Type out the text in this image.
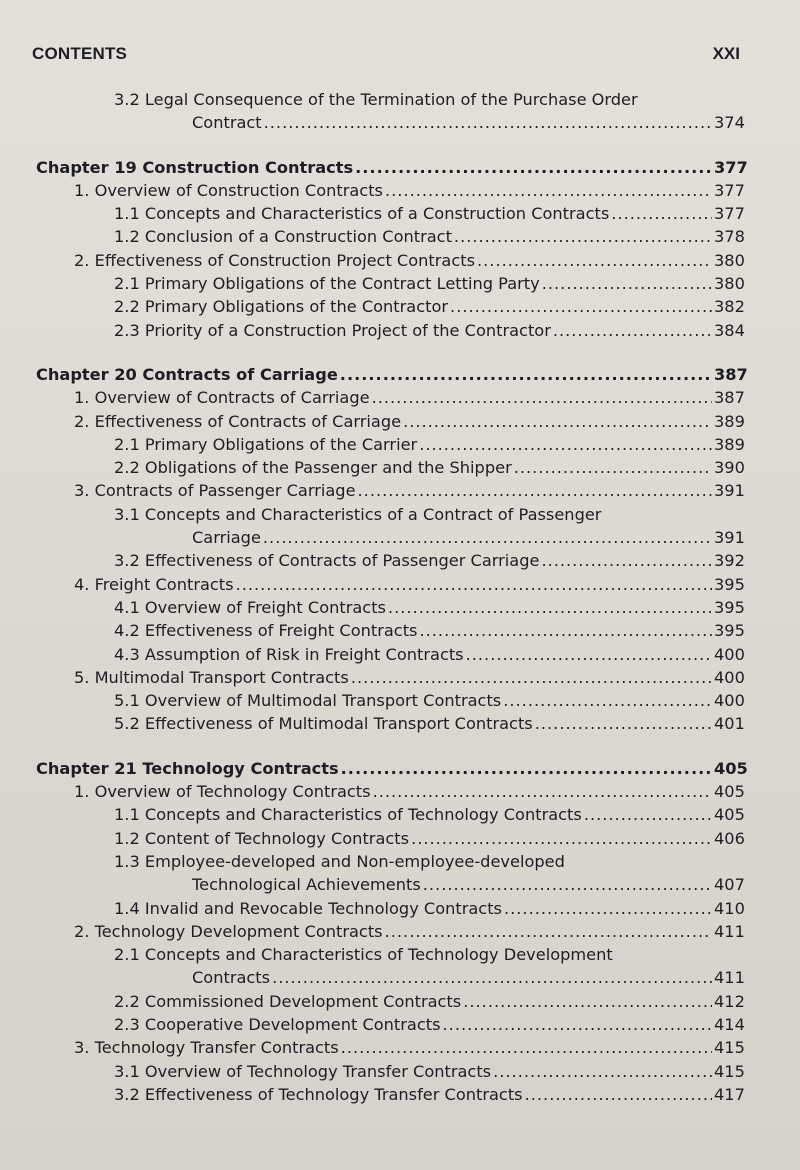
CONTENTS	XXI
3.2 Legal Consequence of the Termination of the Purchase Order
Contract .....	374
Chapter 19 Construction Contracts .....	377
1. Overview of Construction Contracts .....	377
1.1 Concepts and Characteristics of a Construction Contracts .....	377
1.2 Conclusion of a Construction Contract .....	378
2. Effectiveness of Construction Project Contracts .....	380
2.1 Primary Obligations of the Contract Letting Party .....	380
2.2 Primary Obligations of the Contractor .....	382
2.3 Priority of a Construction Project of the Contractor .....	384
Chapter 20 Contracts of Carriage .....	387
1. Overview of Contracts of Carriage .....	387
2. Effectiveness of Contracts of Carriage .....	389
2.1 Primary Obligations of the Carrier .....	389
2.2 Obligations of the Passenger and the Shipper .....	390
3. Contracts of Passenger Carriage .....	391
3.1 Concepts and Characteristics of a Contract of Passenger
Carriage .....	391
3.2 Effectiveness of Contracts of Passenger Carriage .....	392
4. Freight Contracts .....	395
4.1 Overview of Freight Contracts .....	395
4.2 Effectiveness of Freight Contracts .....	395
4.3 Assumption of Risk in Freight Contracts .....	400
5. Multimodal Transport Contracts .....	400
5.1 Overview of Multimodal Transport Contracts .....	400
5.2 Effectiveness of Multimodal Transport Contracts .....	401
Chapter 21 Technology Contracts .....	405
1. Overview of Technology Contracts .....	405
1.1 Concepts and Characteristics of Technology Contracts .....	405
1.2 Content of Technology Contracts .....	406
1.3 Employee-developed and Non-employee-developed
Technological Achievements .....	407
1.4 Invalid and Revocable Technology Contracts .....	410
2. Technology Development Contracts .....	411
2.1 Concepts and Characteristics of Technology Development
Contracts .....	411
2.2 Commissioned Development Contracts .....	412
2.3 Cooperative Development Contracts .....	414
3. Technology Transfer Contracts .....	415
3.1 Overview of Technology Transfer Contracts .....	415
3.2 Effectiveness of Technology Transfer Contracts .....	417
